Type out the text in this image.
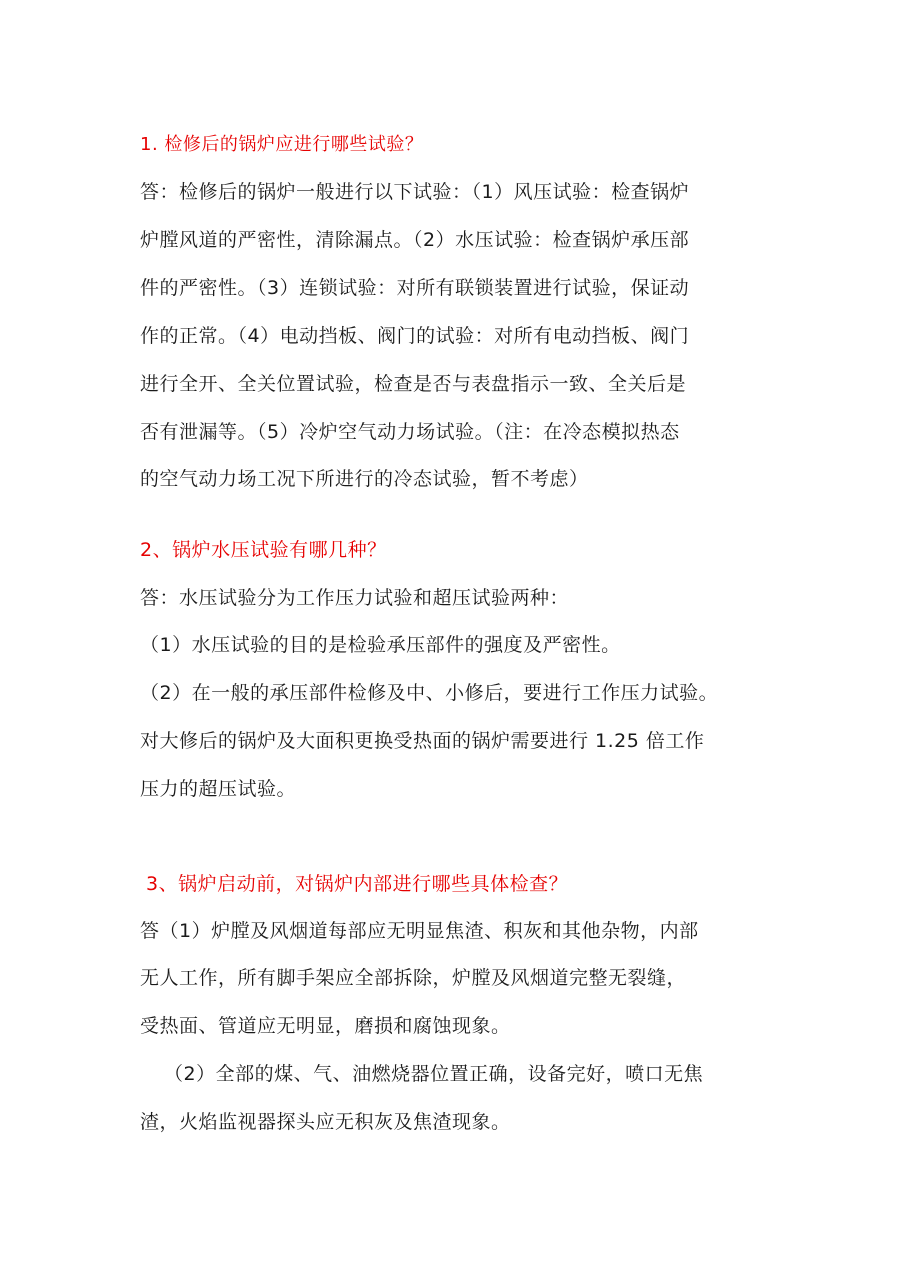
1. 检修后的锅炉应进行哪些试验？
答：检修后的锅炉一般进行以下试验：（1）风压试验：检查锅炉
炉膛风道的严密性，清除漏点。（2）水压试验：检查锅炉承压部
件的严密性。（3）连锁试验：对所有联锁装置进行试验，保证动
作的正常。（4）电动挡板、阀门的试验：对所有电动挡板、阀门
进行全开、全关位置试验，检查是否与表盘指示一致、全关后是
否有泄漏等。（5）冷炉空气动力场试验。（注：在冷态模拟热态
的空气动力场工况下所进行的冷态试验，暂不考虑）
2、锅炉水压试验有哪几种？
答：水压试验分为工作压力试验和超压试验两种：
（1）水压试验的目的是检验承压部件的强度及严密性。
（2）在一般的承压部件检修及中、小修后，要进行工作压力试验。
对大修后的锅炉及大面积更换受热面的锅炉需要进行 1.25 倍工作
压力的超压试验。
3、锅炉启动前，对锅炉内部进行哪些具体检查？
答（1）炉膛及风烟道每部应无明显焦渣、积灰和其他杂物，内部
无人工作，所有脚手架应全部拆除，炉膛及风烟道完整无裂缝，
受热面、管道应无明显，磨损和腐蚀现象。
（2）全部的煤、气、油燃烧器位置正确，设备完好，喷口无焦
渣，火焰监视器探头应无积灰及焦渣现象。
